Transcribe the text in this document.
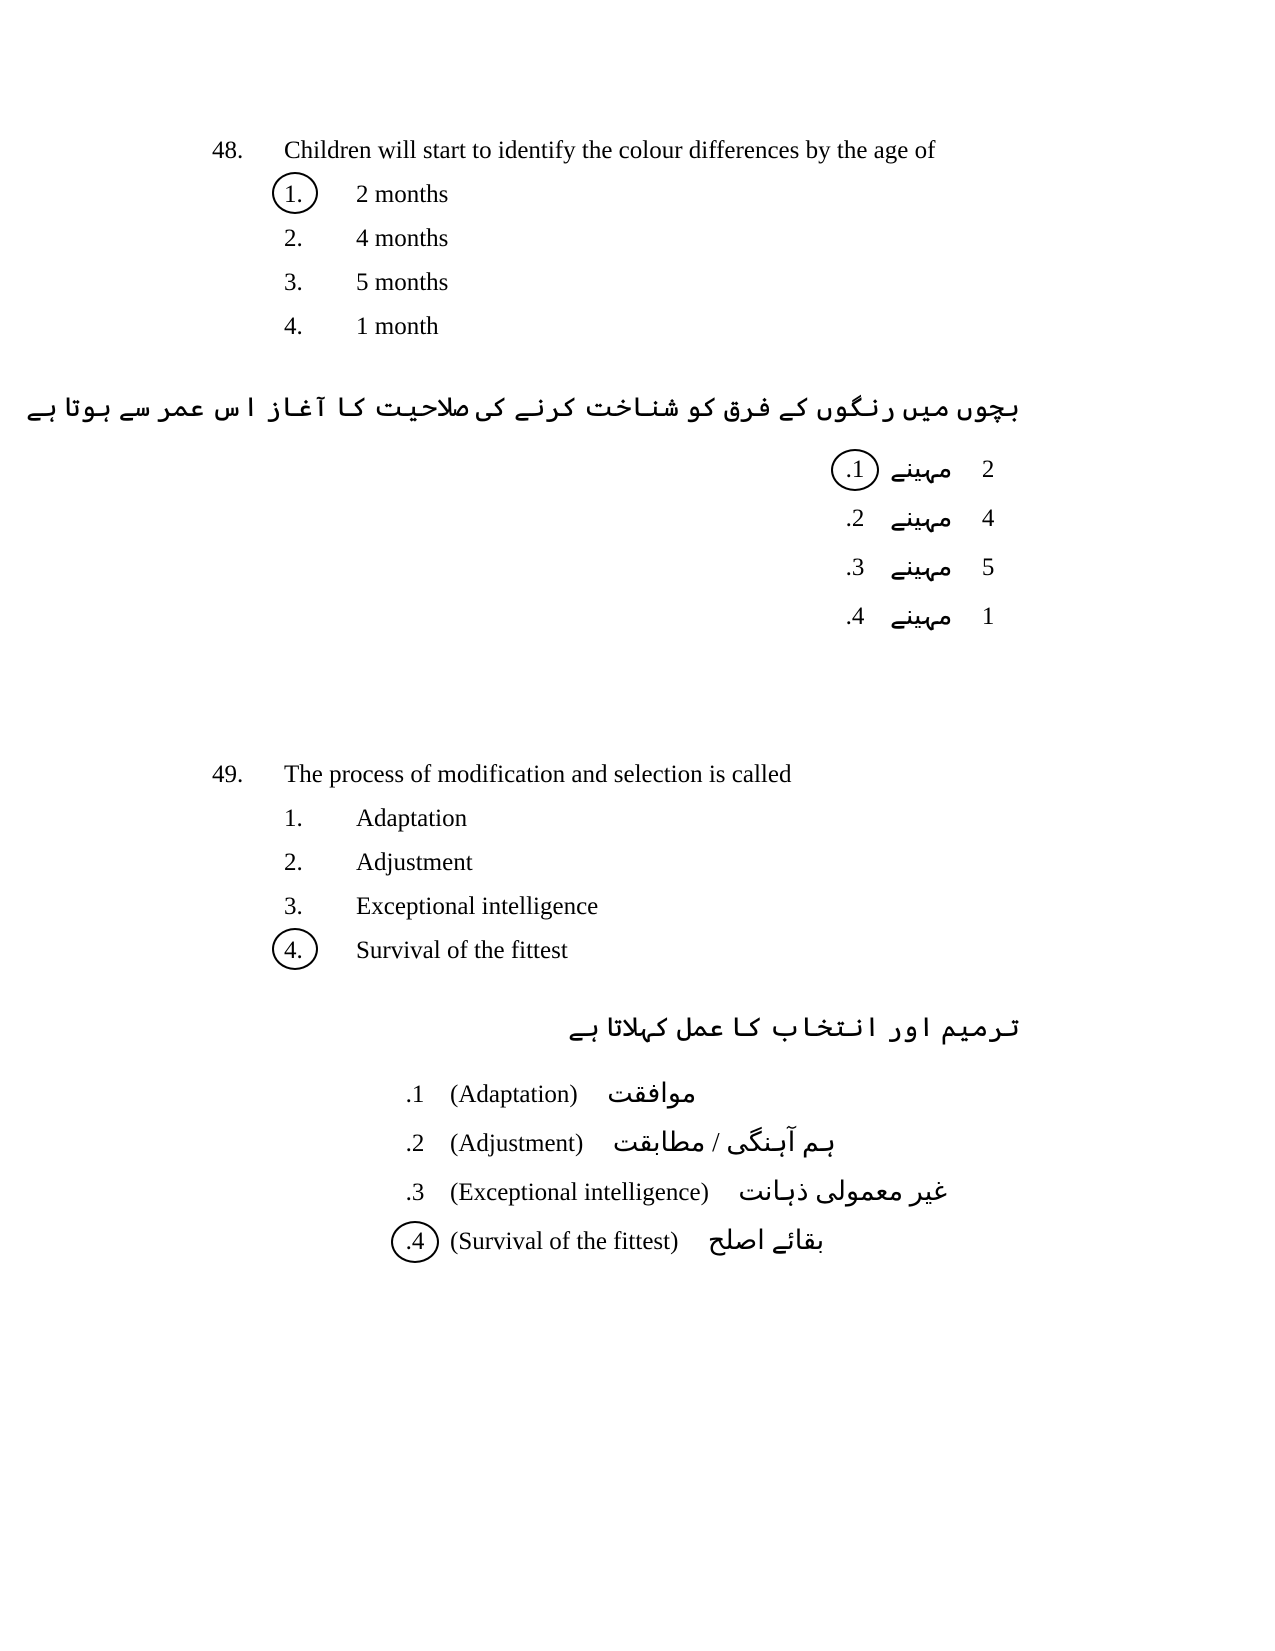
48.	Children will start to identify the colour differences by the age of
1.	2 months
2.	4 months
3.	5 months
4.	1 month
بچوں میں رنگوں کے فرق کو شناخت کرنے کی صلاحیت کا آغاز اس عمر سے ہوتا ہے
.1	2  مہینے
.2	4  مہینے
.3	5  مہینے
.4	1  مہینے
49.	The process of modification and selection is called
1.	Adaptation
2.	Adjustment
3.	Exceptional intelligence
4.	Survival of the fittest
ترمیم اور انتخاب کا عمل کہلاتا ہے
.1	موافقت  (Adaptation)
.2	ہم آہنگی / مطابقت  (Adjustment)
.3	غیر معمولی ذہانت  (Exceptional intelligence)
.4	بقائے اصلح  (Survival of the fittest)
